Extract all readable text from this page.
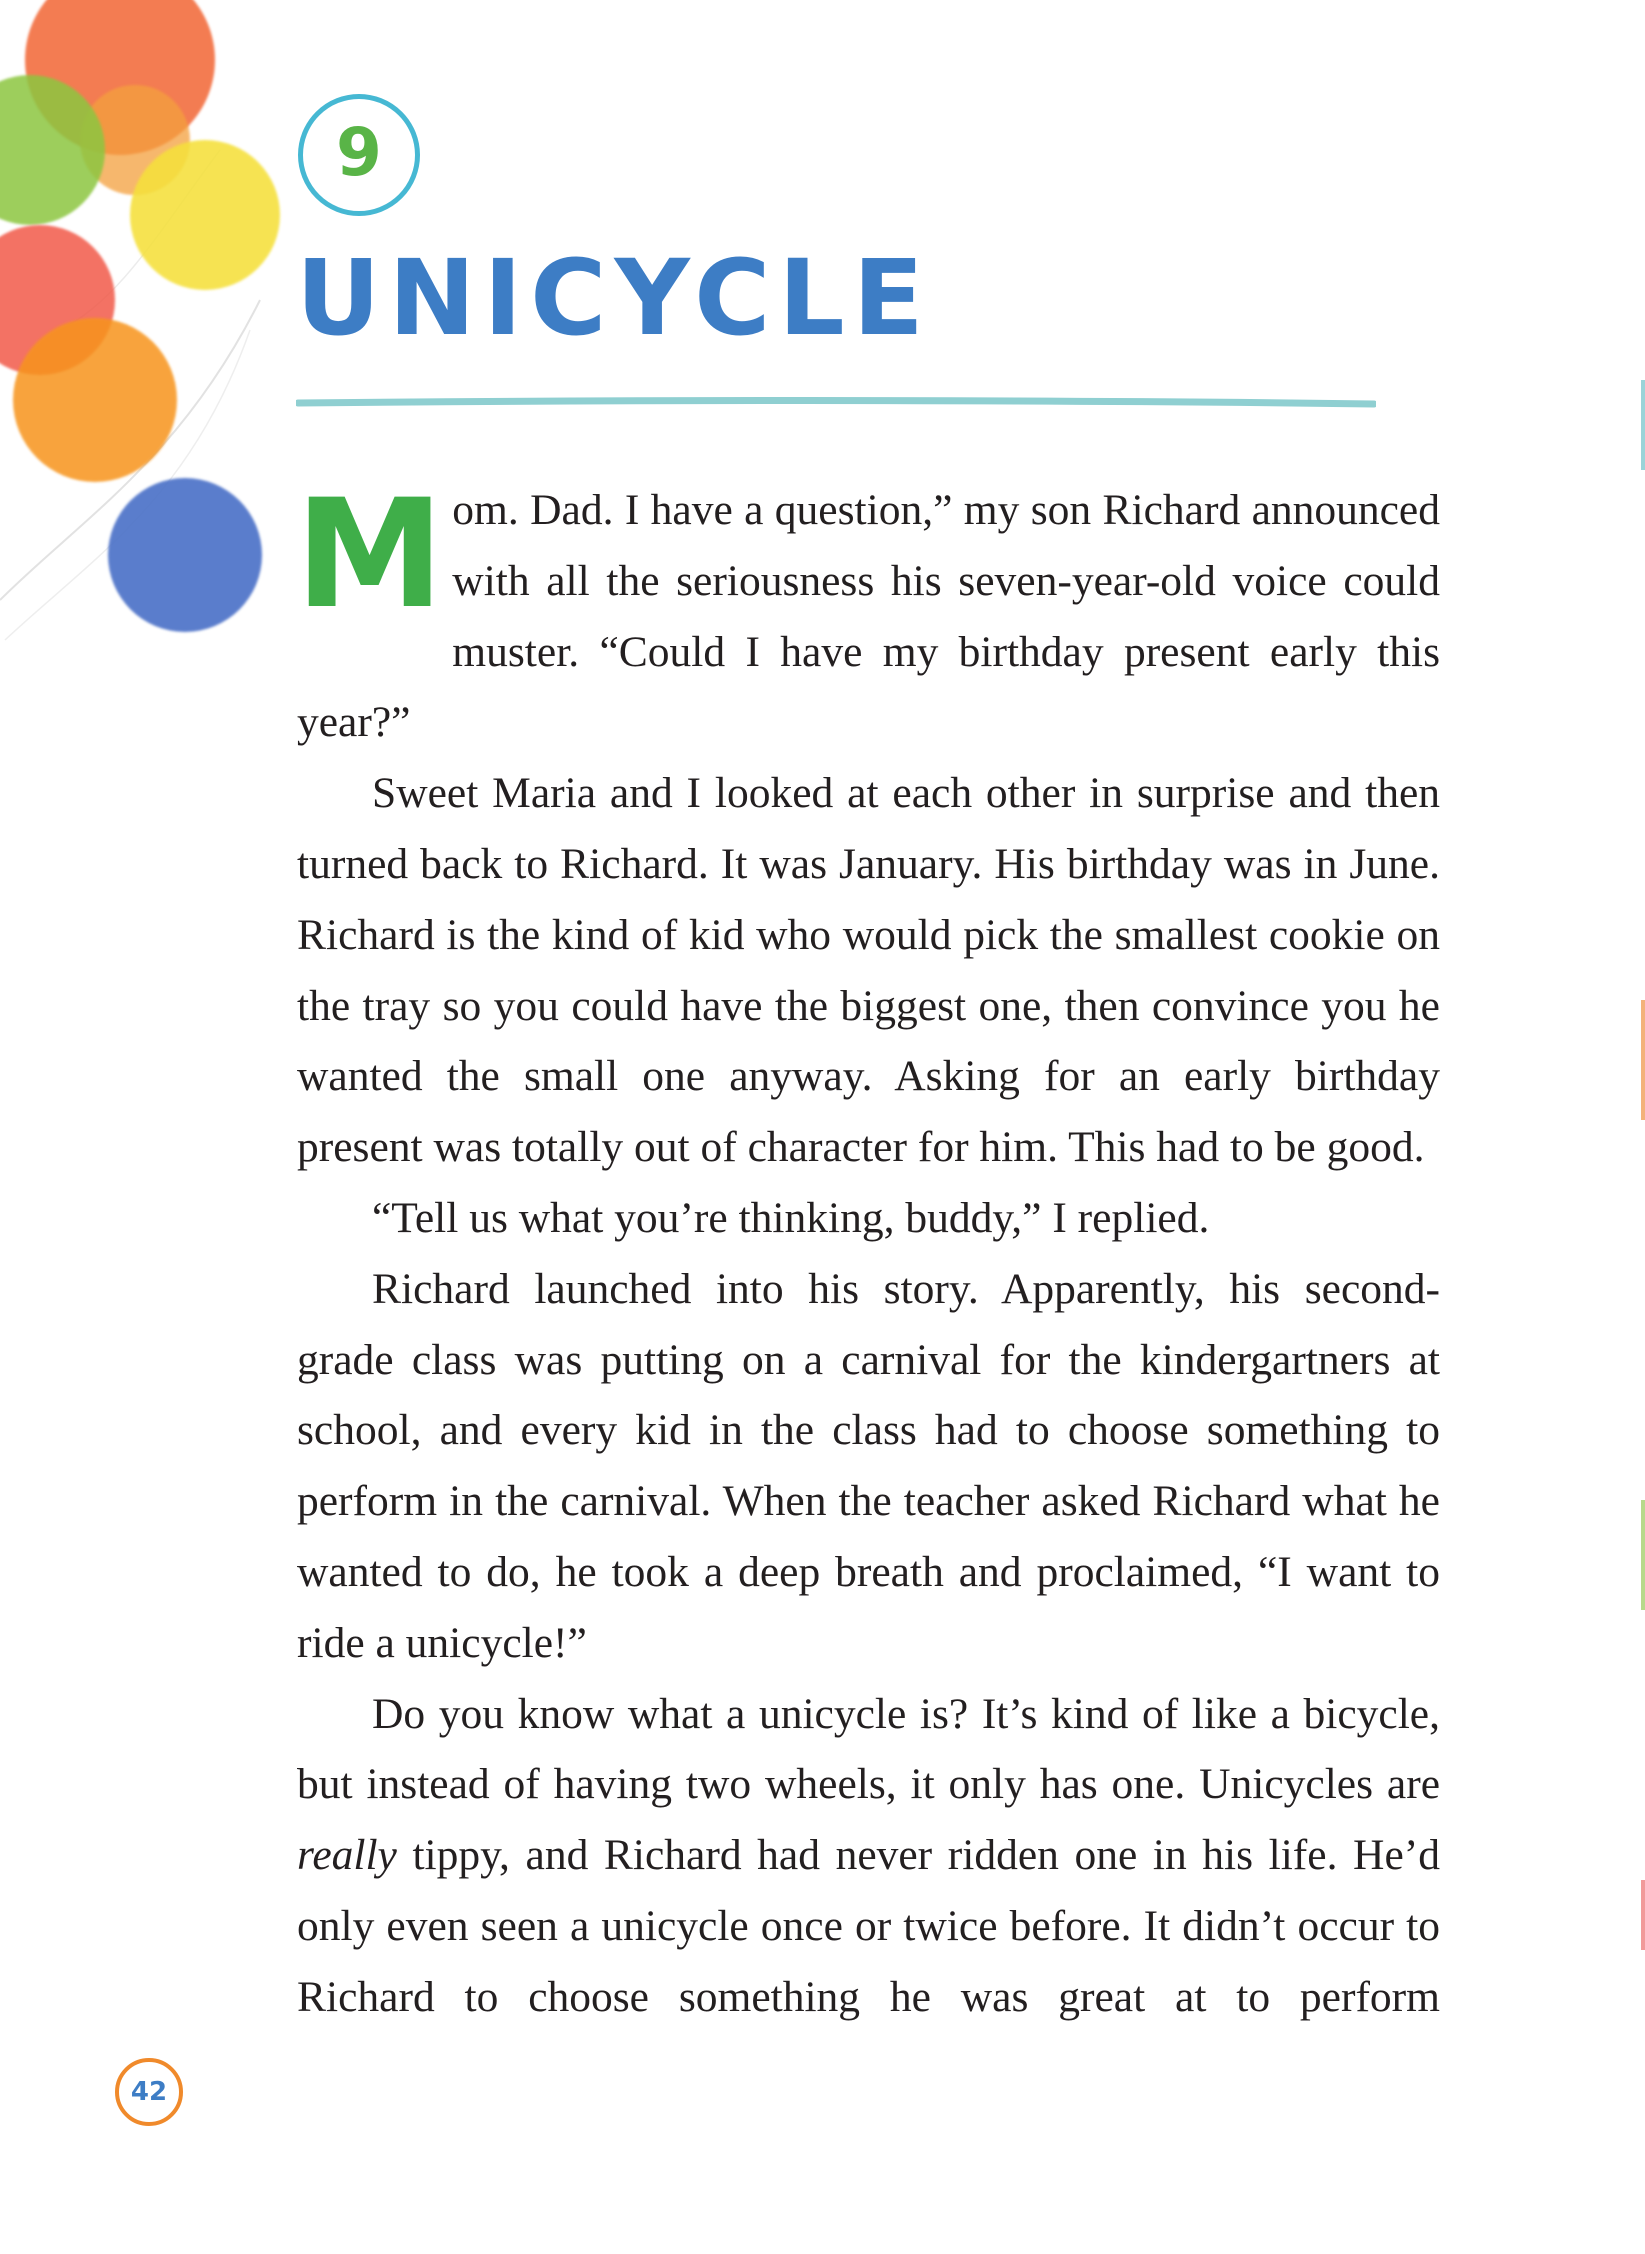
9
UNICYCLE

Mom. Dad. I have a question,” my son Richard announced with all the seriousness his seven-year-old voice could muster. “Could I have my birthday present early this year?”

Sweet Maria and I looked at each other in surprise and then turned back to Richard. It was January. His birthday was in June. Richard is the kind of kid who would pick the smallest cookie on the tray so you could have the biggest one, then convince you he wanted the small one anyway. Asking for an early birthday present was totally out of character for him. This had to be good.

“Tell us what you’re thinking, buddy,” I replied.

Richard launched into his story. Apparently, his second-grade class was putting on a carnival for the kindergartners at school, and every kid in the class had to choose something to perform in the carnival. When the teacher asked Richard what he wanted to do, he took a deep breath and proclaimed, “I want to ride a unicycle!”

Do you know what a unicycle is? It’s kind of like a bicycle, but instead of having two wheels, it only has one. Unicycles are really tippy, and Richard had never ridden one in his life. He’d only even seen a unicycle once or twice before. It didn’t occur to Richard to choose something he was great at to perform

42
